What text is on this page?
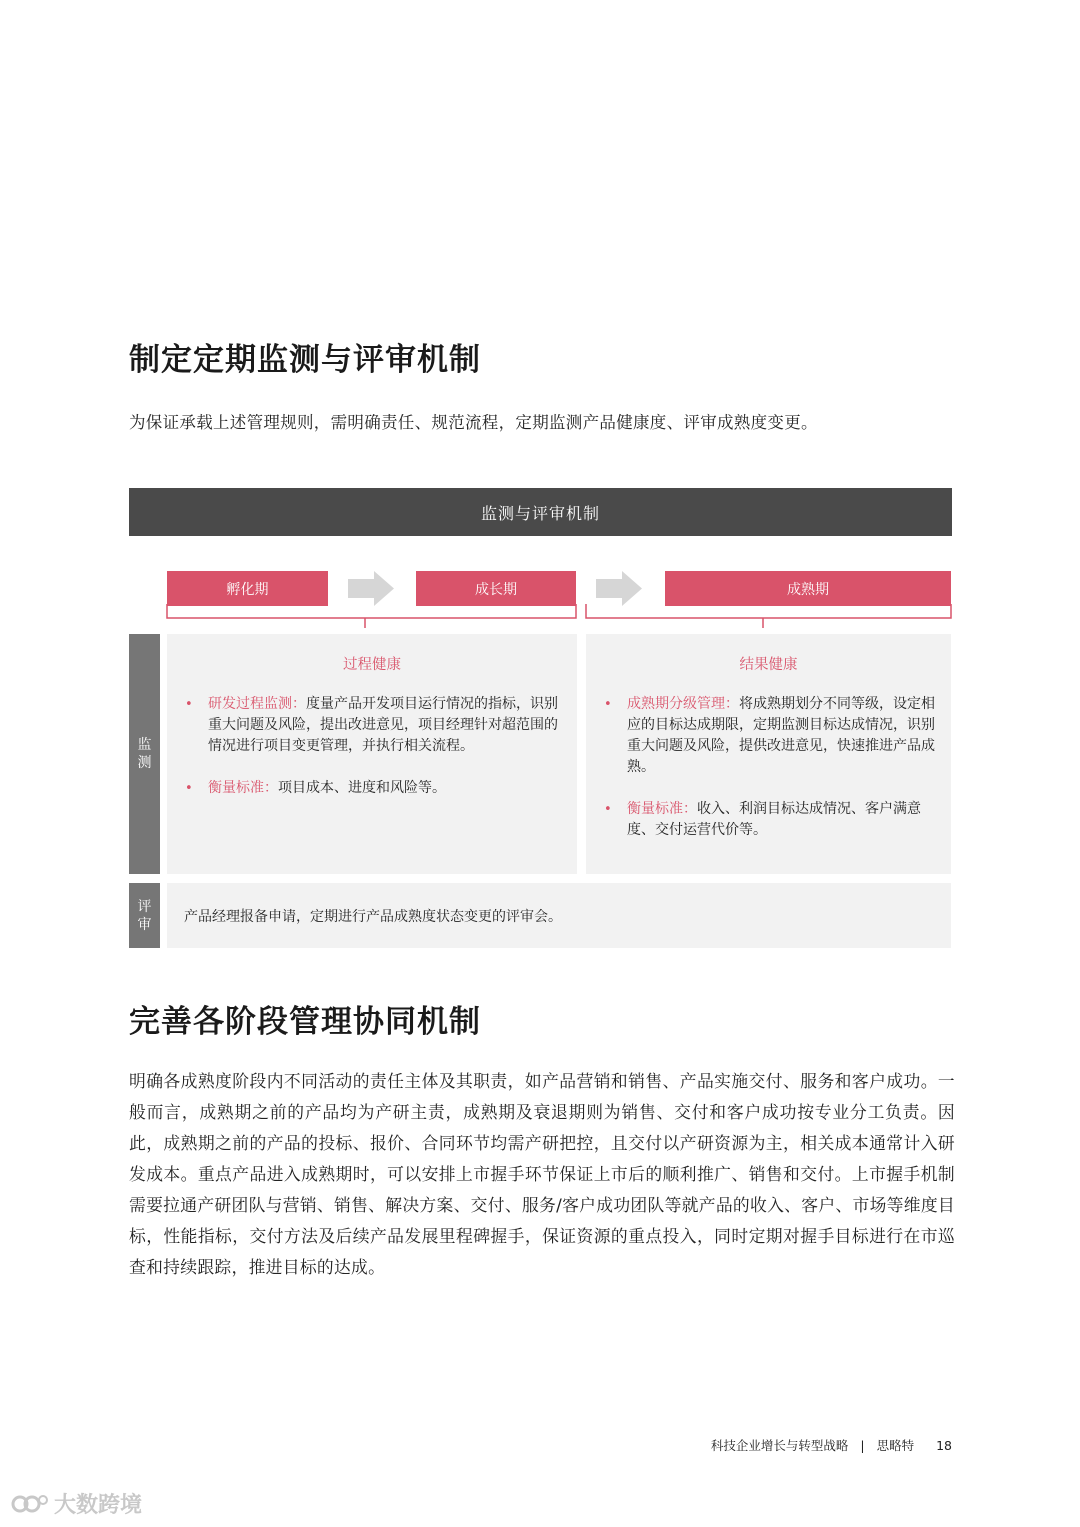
制定定期监测与评审机制
为保证承载上述管理规则，需明确责任、规范流程，定期监测产品健康度、评审成熟度变更。
监测与评审机制
孵化期	成长期	成熟期
监
测
过程健康
• 研发过程监测：度量产品开发项目运行情况的指标，识别重大问题及风险，提出改进意见，项目经理针对超范围的情况进行项目变更管理，并执行相关流程。
• 衡量标准：项目成本、进度和风险等。
结果健康
• 成熟期分级管理：将成熟期划分不同等级，设定相应的目标达成期限，定期监测目标达成情况，识别重大问题及风险，提供改进意见，快速推进产品成熟。
• 衡量标准：收入、利润目标达成情况、客户满意度、交付运营代价等。
评
审 产品经理报备申请，定期进行产品成熟度状态变更的评审会。
完善各阶段管理协同机制
明确各成熟度阶段内不同活动的责任主体及其职责，如产品营销和销售、产品实施交付、服务和客户成功。一般而言，成熟期之前的产品均为产研主责，成熟期及衰退期则为销售、交付和客户成功按专业分工负责。因此，成熟期之前的产品的投标、报价、合同环节均需产研把控，且交付以产研资源为主，相关成本通常计入研发成本。重点产品进入成熟期时，可以安排上市握手环节保证上市后的顺利推广、销售和交付。上市握手机制需要拉通产研团队与营销、销售、解决方案、交付、服务/客户成功团队等就产品的收入、客户、市场等维度目标，性能指标，交付方法及后续产品发展里程碑握手，保证资源的重点投入，同时定期对握手目标进行在市巡查和持续跟踪，推进目标的达成。
科技企业增长与转型战略 | 思略特 18
大数跨境
